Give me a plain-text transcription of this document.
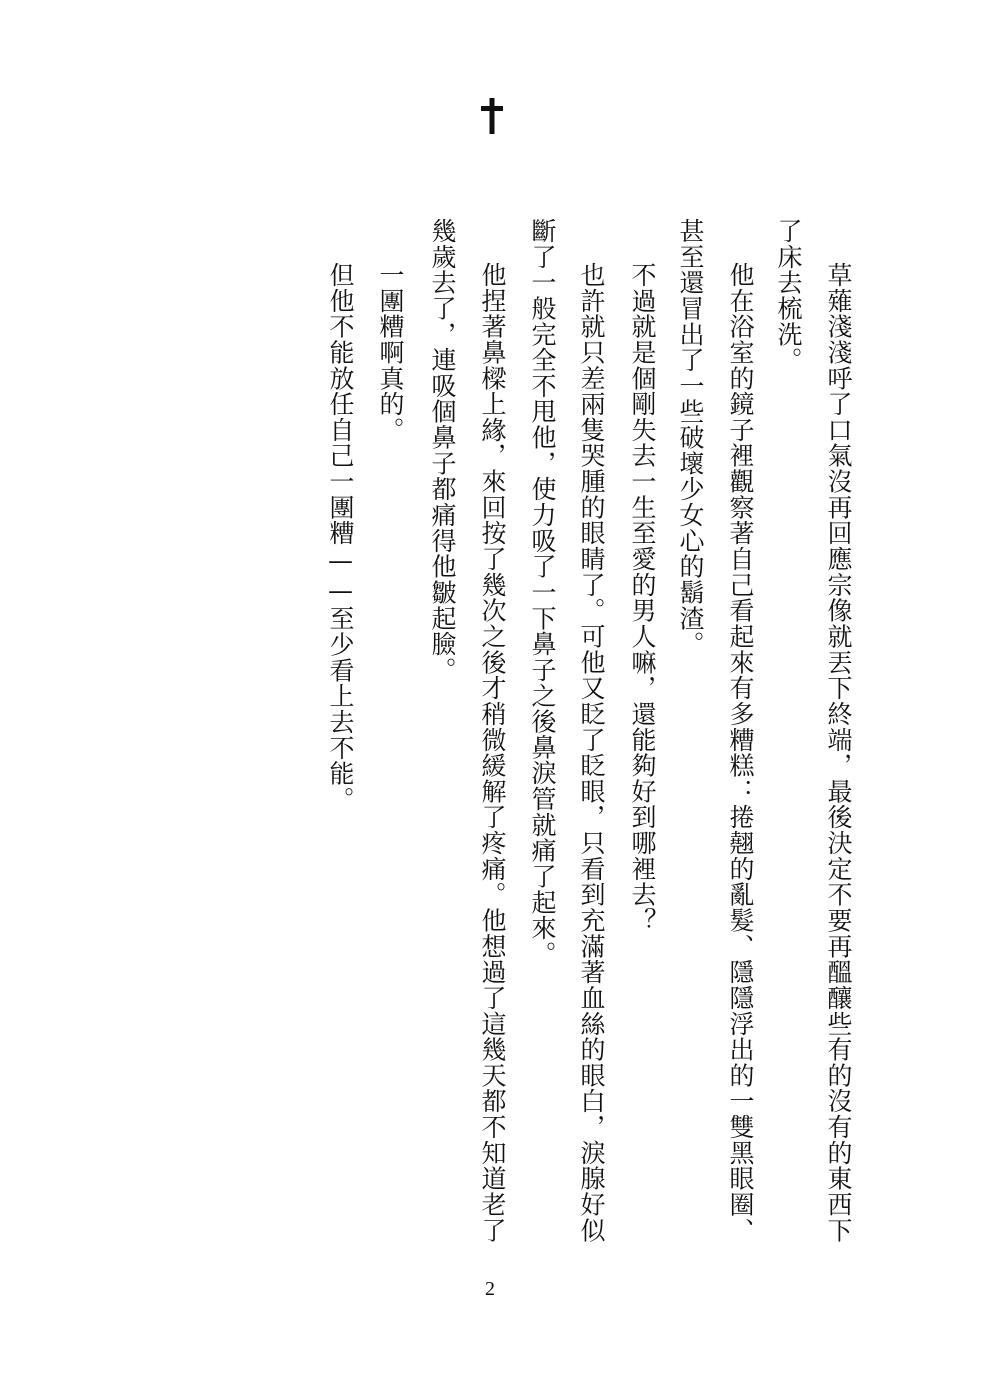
草薙淺淺呼了口氣沒再回應宗像就丟下終端，最後決定不要再醞釀些有的沒有的東西下
了床去梳洗。
他在浴室的鏡子裡觀察著自己看起來有多糟糕：捲翹的亂髮、隱隱浮出的一雙黑眼圈、
甚至還冒出了一些破壞少女心的鬍渣。
不過就是個剛失去一生至愛的男人嘛，還能夠好到哪裡去？
也許就只差兩隻哭腫的眼睛了。可他又眨了眨眼，只看到充滿著血絲的眼白，淚腺好似
斷了一般完全不甩他，使力吸了一下鼻子之後鼻淚管就痛了起來。
他捏著鼻樑上緣，來回按了幾次之後才稍微緩解了疼痛。他想過了這幾天都不知道老了
幾歲去了，連吸個鼻子都痛得他皺起臉。
一團糟啊真的。
但他不能放任自己一團糟——至少看上去不能。
2
